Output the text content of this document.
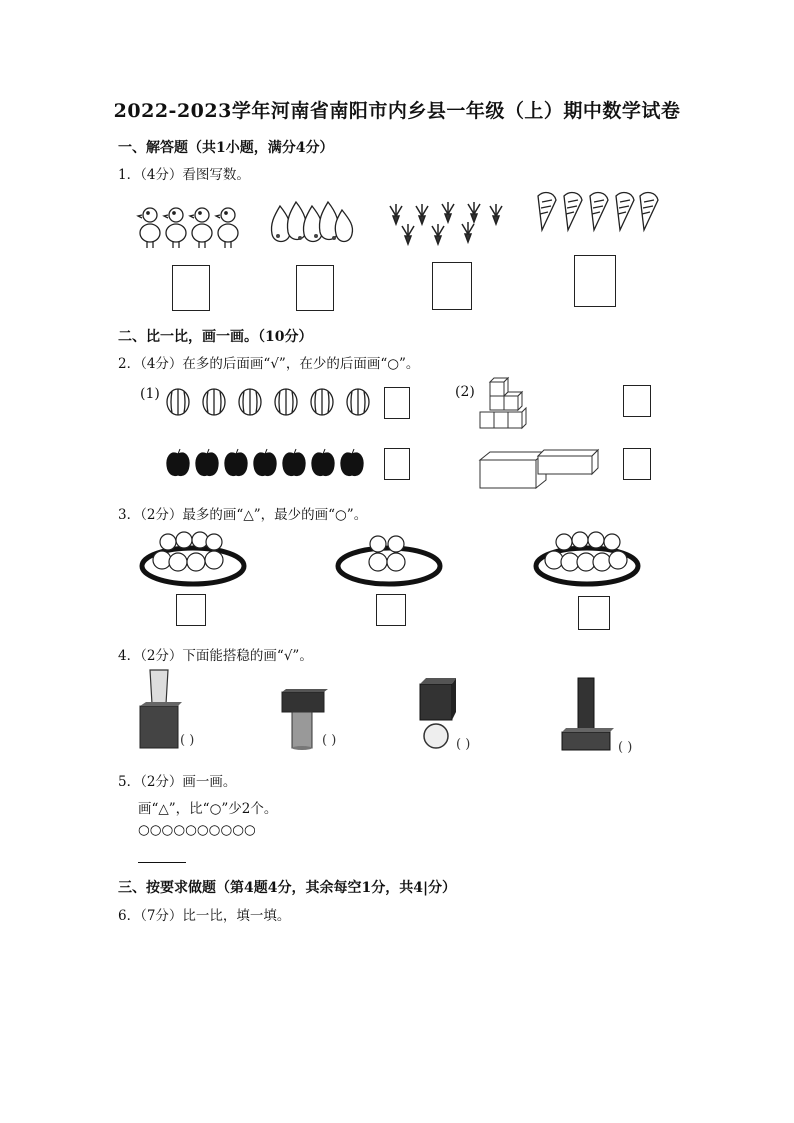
2022-2023学年河南省南阳市内乡县一年级（上）期中数学试卷
一、解答题（共1小题，满分4分）
1．（4分）看图写数。
二、比一比，画一画。（10分）
2．（4分）在多的后面画“√”，在少的后面画“○”。
(1)	(2)
3．（2分）最多的画“△”，最少的画“○”。
4．（2分）下面能搭稳的画“√”。
( )	( )	( )	( )
5．（2分）画一画。
画“△”，比“○”少2个。
○○○○○○○○○○
三、按要求做题（第4题4分，其余每空1分，共4|分）
6．（7分）比一比，填一填。
